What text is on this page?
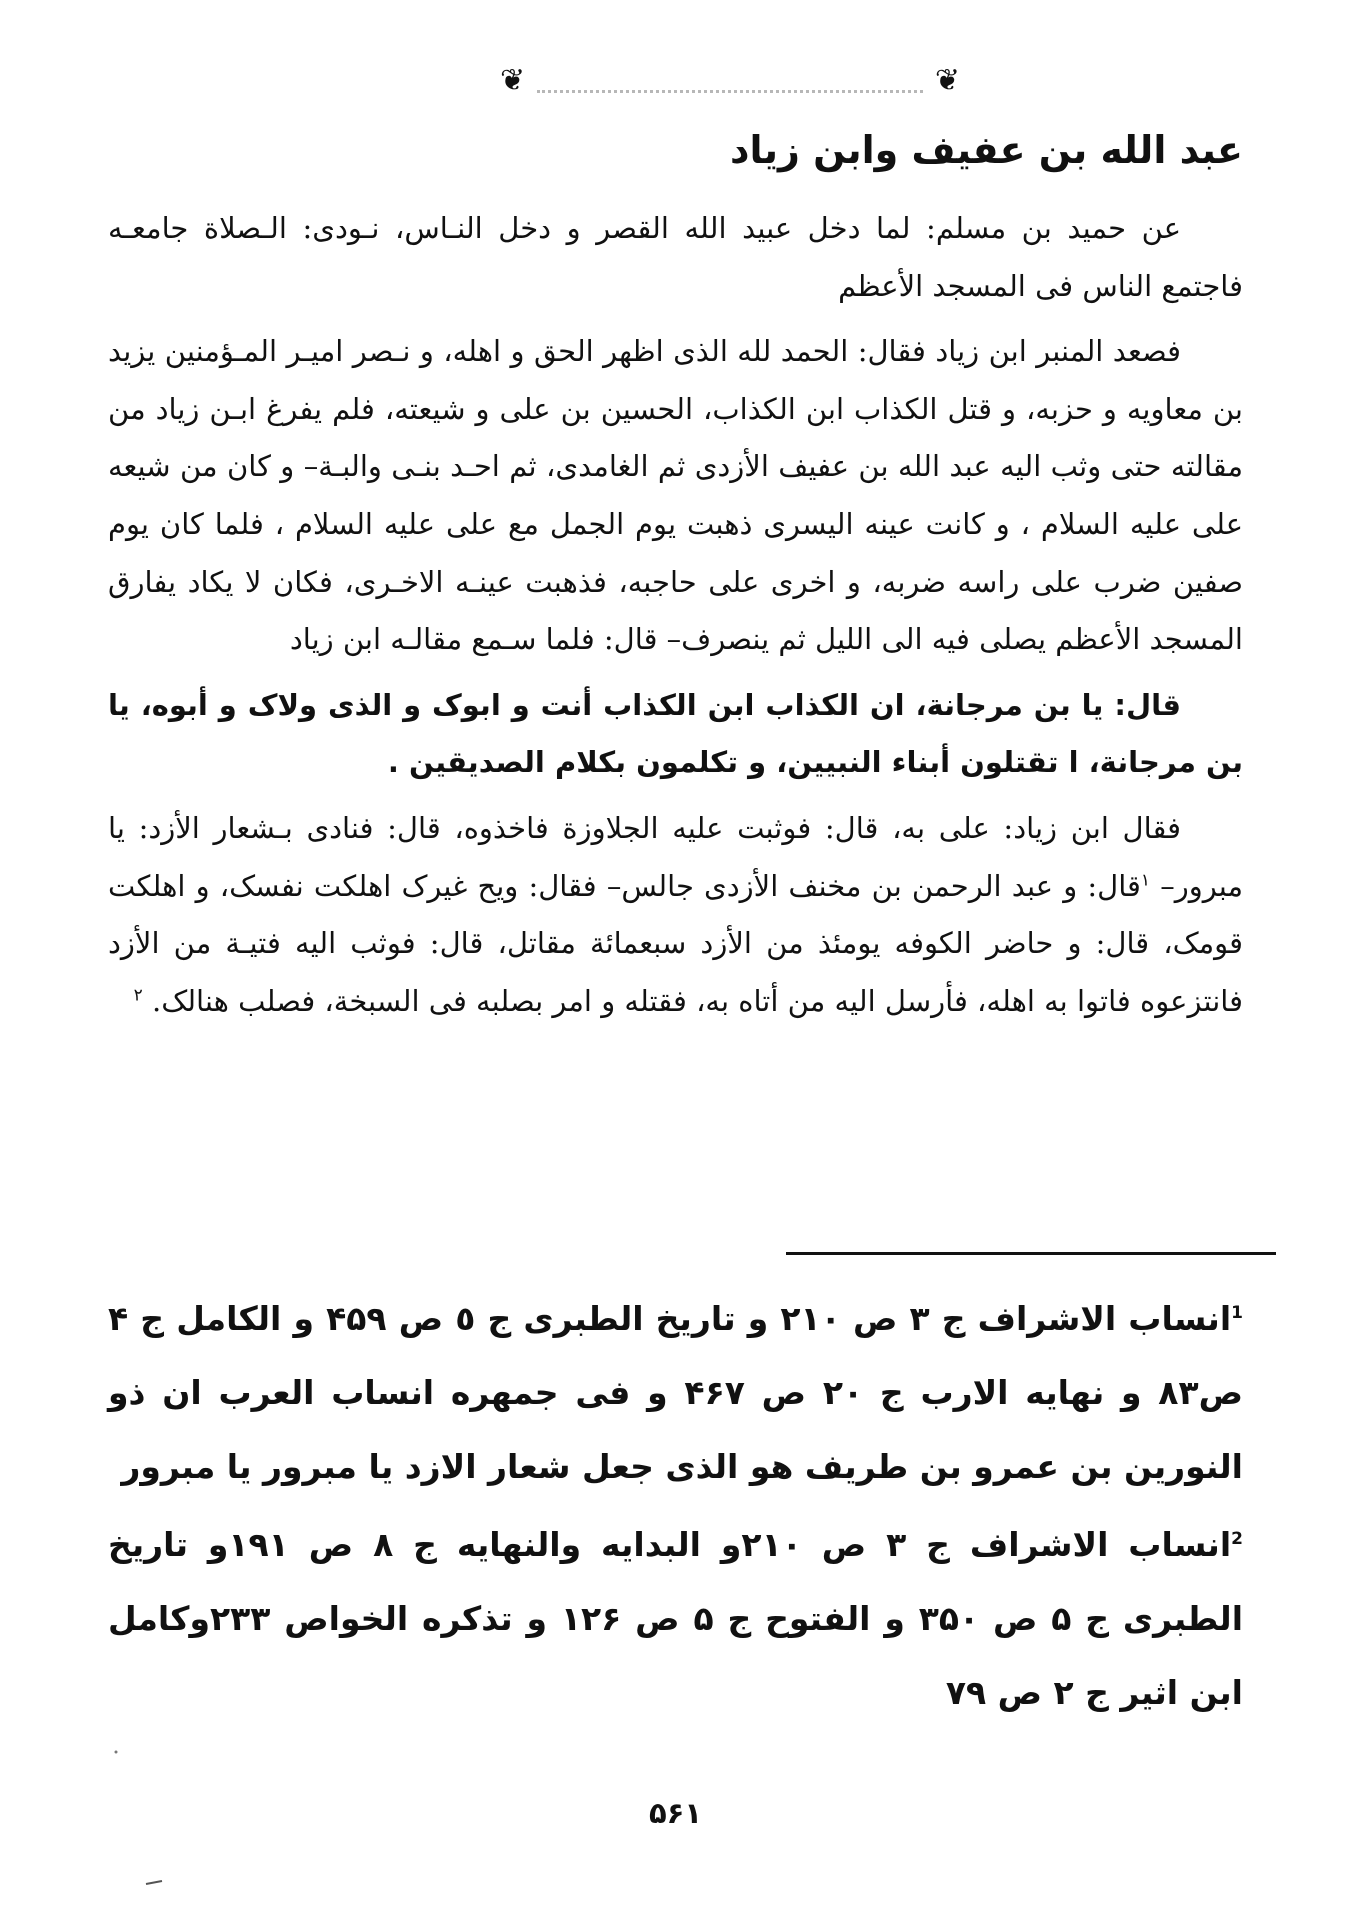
❦
❦
عبد الله بن عفيف وابن زياد

عن حميد بن مسلم: لما دخل عبيد الله القصر و دخل النـاس، نـودى: الـصلاة جامعـه فاجتمع الناس فى المسجد الأعظم

فصعد المنبر ابن زياد فقال: الحمد لله الذى اظهر الحق و اهله، و نـصر اميـر المـؤمنين يزيد بن معاويه و حزبه، و قتل الكذاب ابن الكذاب، الحسين بن على و شيعته، فلم يفرغ ابـن زياد من مقالته حتى وثب اليه عبد الله بن عفيف الأزدى ثم الغامدى، ثم احـد بنـى والبـة– و كان من شيعه على عليه السلام ، و كانت عينه اليسرى ذهبت يوم الجمل مع على عليه السلام ، فلما كان يوم صفين ضرب على راسه ضربه، و اخرى على حاجبه، فذهبت عينـه الاخـرى، فكان لا يكاد يفارق المسجد الأعظم يصلى فيه الى الليل ثم ينصرف– قال: فلما سـمع مقالـه ابن زياد

قال: يا بن مرجانة، ان الكذاب ابن الكذاب أنت و ابوک و الذى ولاک و أبوه، يا بن مرجانة، ا تقتلون أبناء النبيين، و تكلمون بكلام الصديقين .

فقال ابن زياد: على به، قال: فوثبت عليه الجلاوزة فاخذوه، قال: فنادى بـشعار الأزد: يا مبرور– $^١$قال: و عبد الرحمن بن مخنف الأزدى جالس– فقال: ويح غيرک اهلكت نفسک، و اهلكت قومک، قال: و حاضر الكوفه يومئذ من الأزد سبعمائة مقاتل، قال: فوثب اليه فتيـة من الأزد فانتزعوه فاتوا به اهله، فأرسل اليه من أتاه به، فقتله و امر بصلبه فى السبخة، فصلب هنالک. $^٢$

$^1$انساب الاشراف ج ٣ ص ٢١٠ و تاريخ الطبرى ج ٥ ص ۴۵۹ و الكامل ج ۴ ص٨٣ و نهايه الارب ج ٢٠ ص ۴۶۷ و فى جمهره انساب العرب ان ذو النورين بن عمرو بن طريف هو الذى جعل شعار الازد يا مبرور يا مبرور

$^2$انساب الاشراف ج ٣ ص ٢١٠و البدايه والنهايه ج ٨ ص ١٩١و تاريخ الطبرى ج ۵ ص ٣۵٠ و الفتوح ج ۵ ص ١٢۶ و تذكره الخواص ٢٣٣وكامل ابن اثير ج ٢ ص ٧٩

۵۶١
